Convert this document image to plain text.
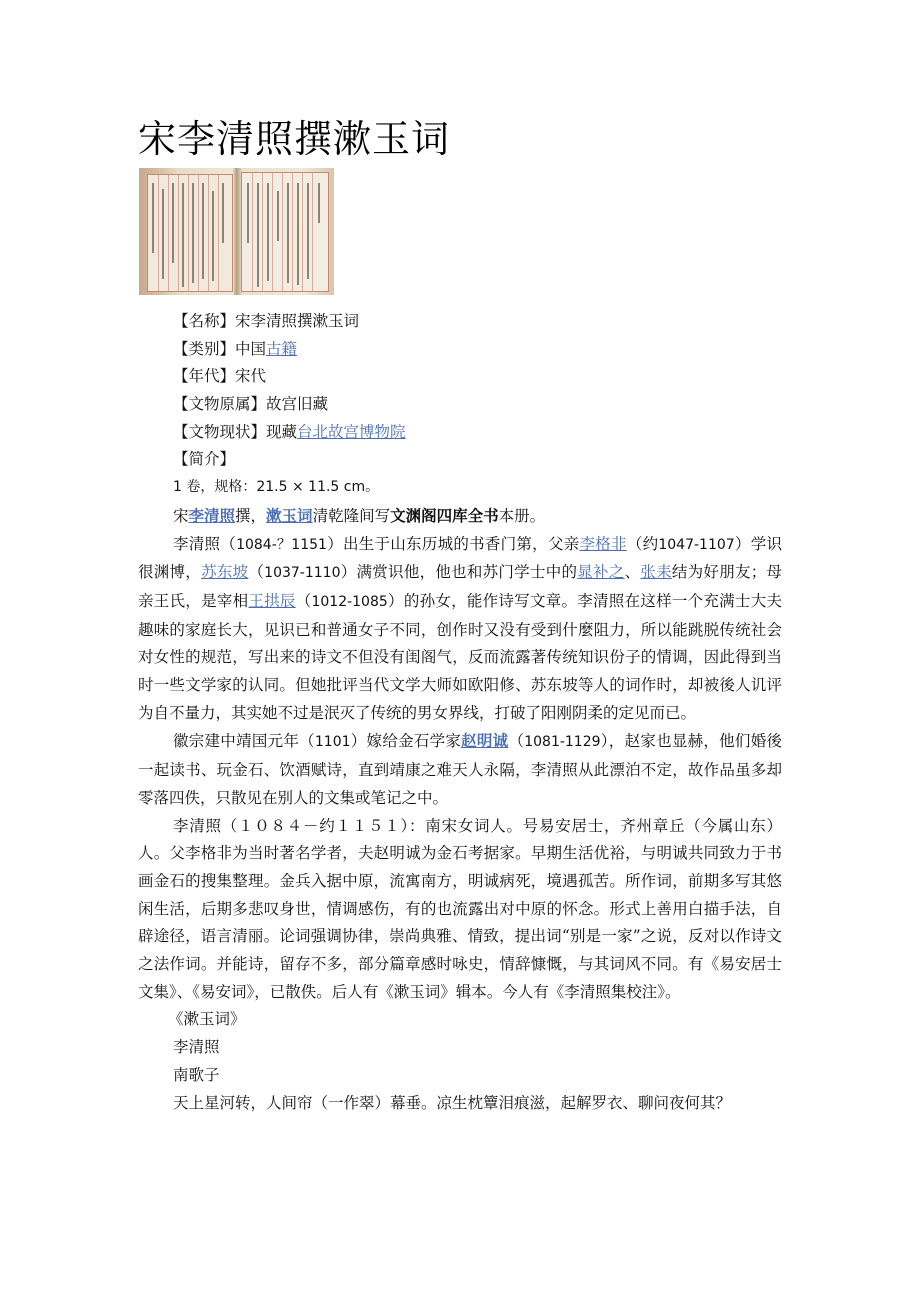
宋李清照撰漱玉词
【名称】宋李清照撰漱玉词
【类别】中国古籍
【年代】宋代
【文物原属】故宫旧藏
【文物现状】现藏台北故宫博物院
【简介】
1 卷，规格：21.5 × 11.5 cm。

宋李清照撰，漱玉词清乾隆间写文渊阁四库全书本册。

李清照（1084-？1151）出生于山东历城的书香门第，父亲李格非（约1047-1107）学识很渊博，苏东坡（1037-1110）满赏识他，他也和苏门学士中的晁补之、张耒结为好朋友；母亲王氏，是宰相王拱辰（1012-1085）的孙女，能作诗写文章。李清照在这样一个充满士大夫趣味的家庭长大，见识已和普通女子不同，创作时又没有受到什麼阻力，所以能跳脱传统社会对女性的规范，写出来的诗文不但没有闺阁气，反而流露著传统知识份子的情调，因此得到当时一些文学家的认同。但她批评当代文学大师如欧阳修、苏东坡等人的词作时，却被後人讥评为自不量力，其实她不过是泯灭了传统的男女界线，打破了阳刚阴柔的定见而已。

徽宗建中靖国元年（1101）嫁给金石学家赵明诚（1081-1129），赵家也显赫，他们婚後一起读书、玩金石、饮酒赋诗，直到靖康之难天人永隔，李清照从此漂泊不定，故作品虽多却零落四佚，只散见在别人的文集或笔记之中。

李清照（１０８４－约１１５１）：南宋女词人。号易安居士，齐州章丘（今属山东）人。父李格非为当时著名学者，夫赵明诚为金石考据家。早期生活优裕，与明诚共同致力于书画金石的搜集整理。金兵入据中原，流寓南方，明诚病死，境遇孤苦。所作词，前期多写其悠闲生活，后期多悲叹身世，情调感伤，有的也流露出对中原的怀念。形式上善用白描手法，自辟途径，语言清丽。论词强调协律，崇尚典雅、情致，提出词“别是一家”之说，反对以作诗文之法作词。并能诗，留存不多，部分篇章感时咏史，情辞慷慨，与其词风不同。有《易安居士文集》、《易安词》，已散佚。后人有《漱玉词》辑本。今人有《李清照集校注》。

《漱玉词》
李清照
南歌子
天上星河转，人间帘（一作翠）幕垂。凉生枕簟泪痕滋，起解罗衣、聊问夜何其？
